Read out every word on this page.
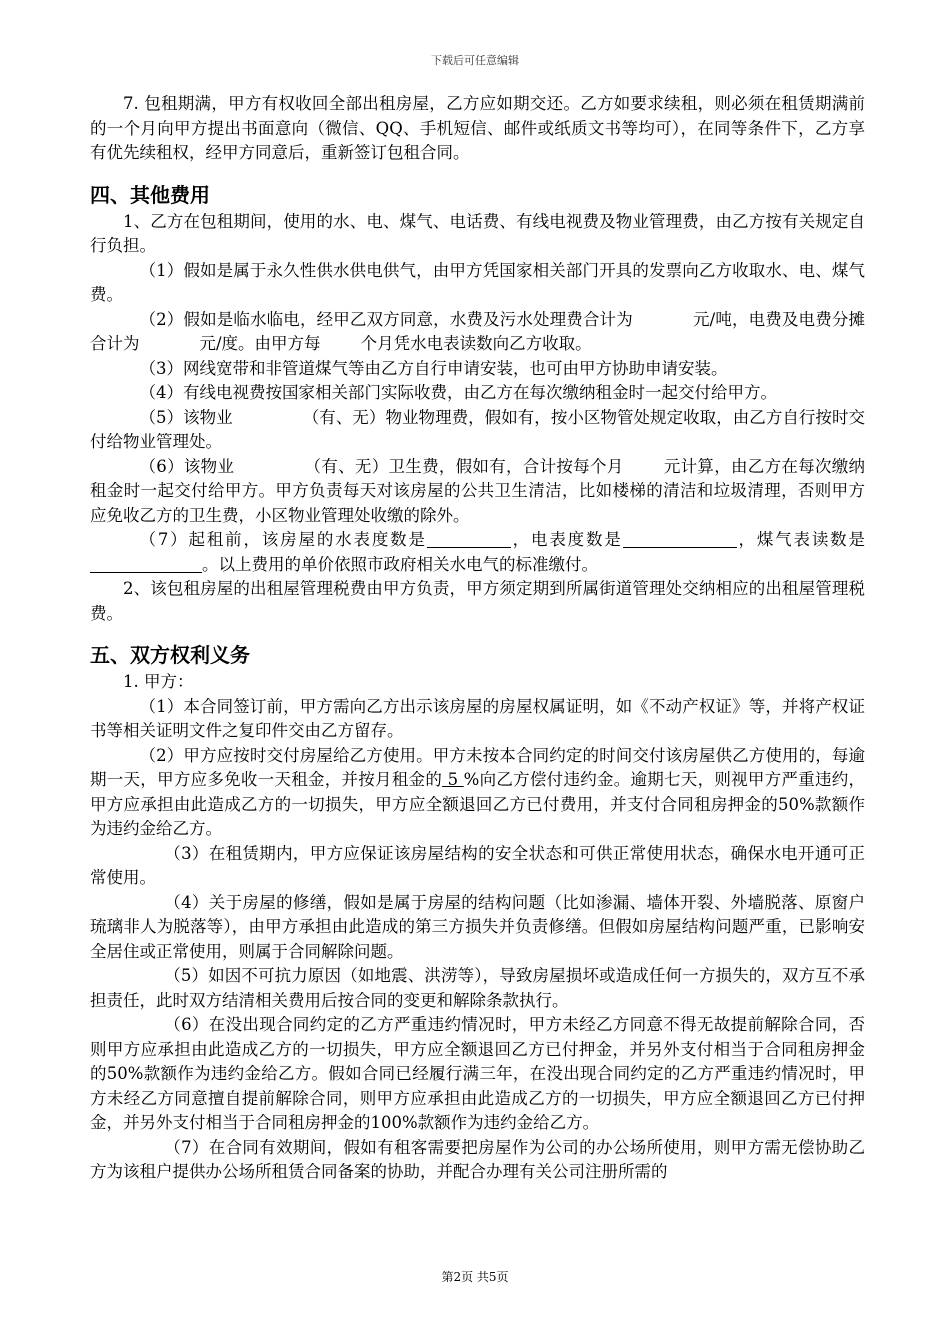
下载后可任意编辑

7. 包租期满，甲方有权收回全部出租房屋，乙方应如期交还。乙方如要求续租，则必须在租赁期满前的一个月向甲方提出书面意向（微信、QQ、手机短信、邮件或纸质文书等均可），在同等条件下，乙方享有优先续租权，经甲方同意后，重新签订包租合同。

四、其他费用

1、乙方在包租期间，使用的水、电、煤气、电话费、有线电视费及物业管理费，由乙方按有关规定自行负担。

（1）假如是属于永久性供水供电供气，由甲方凭国家相关部门开具的发票向乙方收取水、电、煤气费。

（2）假如是临水临电，经甲乙双方同意，水费及污水处理费合计为	元/吨，电费及电费分摊合计为	元/度。由甲方每 个月凭水电表读数向乙方收取。

（3）网线宽带和非管道煤气等由乙方自行申请安装，也可由甲方协助申请安装。

（4）有线电视费按国家相关部门实际收费，由乙方在每次缴纳租金时一起交付给甲方。

（5）该物业	（有、无）物业物理费，假如有，按小区物管处规定收取，由乙方自行按时交付给物业管理处。

（6）该物业	（有、无）卫生费，假如有，合计按每个月 元计算，由乙方在每次缴纳租金时一起交付给甲方。甲方负责每天对该房屋的公共卫生清洁，比如楼梯的清洁和垃圾清理，否则甲方应免收乙方的卫生费，小区物业管理处收缴的除外。

（7）起租前，该房屋的水表度数是	，电表度数是	，煤气表读数是。以上费用的单价依照市政府相关水电气的标准缴付。

2、该包租房屋的出租屋管理税费由甲方负责，甲方须定期到所属街道管理处交纳相应的出租屋管理税费。

五、双方权利义务

1. 甲方：

（1）本合同签订前，甲方需向乙方出示该房屋的房屋权属证明，如《不动产权证》等，并将产权证书等相关证明文件之复印件交由乙方留存。

（2）甲方应按时交付房屋给乙方使用。甲方未按本合同约定的时间交付该房屋供乙方使用的，每逾期一天，甲方应多免收一天租金，并按月租金的 5 %向乙方偿付违约金。逾期七天，则视甲方严重违约，甲方应承担由此造成乙方的一切损失，甲方应全额退回乙方已付费用，并支付合同租房押金的50%款额作为违约金给乙方。

（3）在租赁期内，甲方应保证该房屋结构的安全状态和可供正常使用状态，确保水电开通可正常使用。

（4）关于房屋的修缮，假如是属于房屋的结构问题（比如渗漏、墙体开裂、外墙脱落、原窗户琉璃非人为脱落等），由甲方承担由此造成的第三方损失并负责修缮。但假如房屋结构问题严重，已影响安全居住或正常使用，则属于合同解除问题。

（5）如因不可抗力原因（如地震、洪涝等），导致房屋损坏或造成任何一方损失的，双方互不承担责任，此时双方结清相关费用后按合同的变更和解除条款执行。

（6）在没出现合同约定的乙方严重违约情况时，甲方未经乙方同意不得无故提前解除合同，否则甲方应承担由此造成乙方的一切损失，甲方应全额退回乙方已付押金，并另外支付相当于合同租房押金的50%款额作为违约金给乙方。假如合同已经履行满三年，在没出现合同约定的乙方严重违约情况时，甲方未经乙方同意擅自提前解除合同，则甲方应承担由此造成乙方的一切损失，甲方应全额退回乙方已付押金，并另外支付相当于合同租房押金的100%款额作为违约金给乙方。

（7）在合同有效期间，假如有租客需要把房屋作为公司的办公场所使用，则甲方需无偿协助乙方为该租户提供办公场所租赁合同备案的协助，并配合办理有关公司注册所需的

第2页 共5页
